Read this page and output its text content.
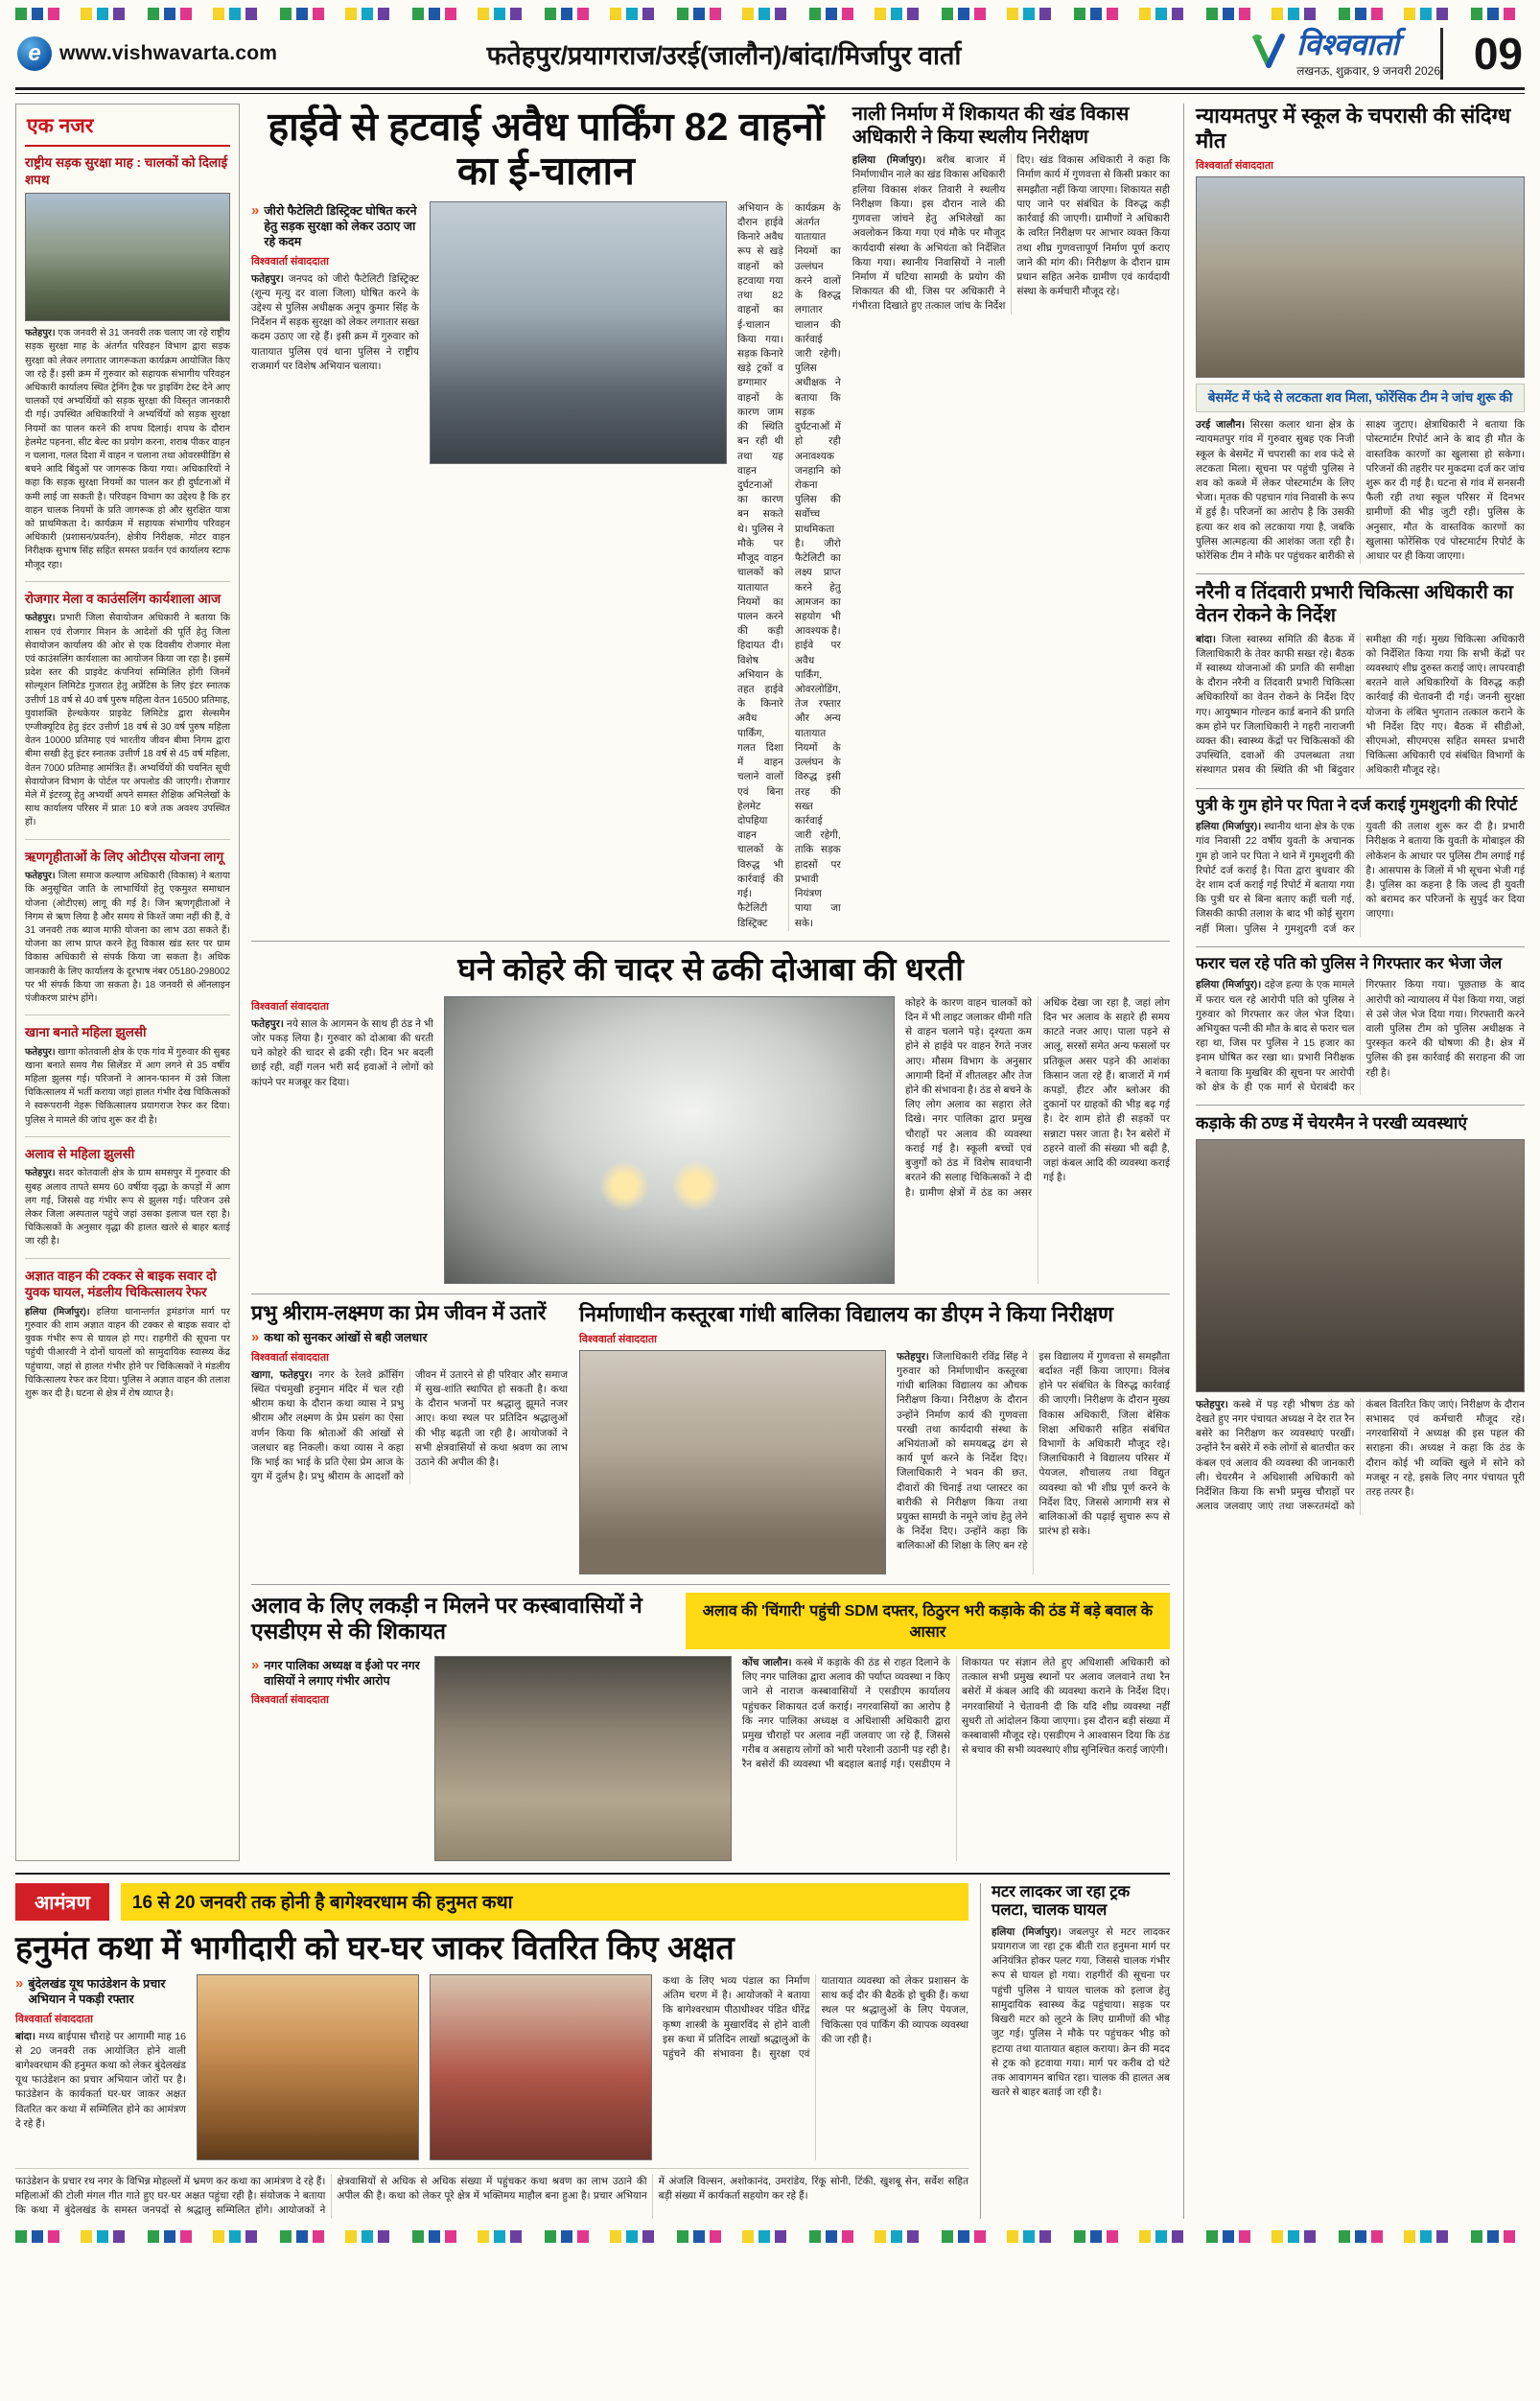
e www.vishwavarta.com	फतेहपुर/प्रयागराज/उरई(जालौन)/बांदा/मिर्जापुर वार्ता	विश्ववार्ता
लखनऊ, शुक्रवार, 9 जनवरी 2026 09
एक नजर
राष्ट्रीय सड़क सुरक्षा माह : चालकों को दिलाई शपथ
फतेहपुर। एक जनवरी से 31 जनवरी तक चलाए जा रहे राष्ट्रीय सड़क सुरक्षा माह के अंतर्गत परिवहन विभाग द्वारा सड़क सुरक्षा को लेकर लगातार जागरूकता कार्यक्रम आयोजित किए जा रहे हैं। इसी क्रम में गुरुवार को सहायक संभागीय परिवहन अधिकारी कार्यालय स्थित ट्रेनिंग ट्रैक पर ड्राइविंग टेस्ट देने आए चालकों एवं अभ्यर्थियों को सड़क सुरक्षा की विस्तृत जानकारी दी गई। उपस्थित अधिकारियों ने अभ्यर्थियों को सड़क सुरक्षा नियमों का पालन करने की शपथ दिलाई। शपथ के दौरान हेलमेट पहनना, सीट बेल्ट का प्रयोग करना, शराब पीकर वाहन न चलाना, गलत दिशा में वाहन न चलाना तथा ओवरस्पीडिंग से बचने आदि बिंदुओं पर जागरूक किया गया। अधिकारियों ने कहा कि सड़क सुरक्षा नियमों का पालन कर ही दुर्घटनाओं में कमी लाई जा सकती है। परिवहन विभाग का उद्देश्य है कि हर वाहन चालक नियमों के प्रति जागरूक हो और सुरक्षित यात्रा को प्राथमिकता दे। कार्यक्रम में सहायक संभागीय परिवहन अधिकारी (प्रशासन/प्रवर्तन), क्षेत्रीय निरीक्षक, मोटर वाहन निरीक्षक सुभाष सिंह सहित समस्त प्रवर्तन एवं कार्यालय स्टाफ मौजूद रहा।
रोजगार मेला व काउंसलिंग कार्यशाला आज
फतेहपुर। प्रभारी जिला सेवायोजन अधिकारी ने बताया कि शासन एवं रोजगार मिशन के आदेशों की पूर्ति हेतु जिला सेवायोजन कार्यालय की ओर से एक दिवसीय रोजगार मेला एवं काउंसलिंग कार्यशाला का आयोजन किया जा रहा है। इसमें प्रदेश स्तर की प्राइवेट कंपनियां सम्मिलित होंगी जिनमें सोल्यूशन लिमिटेड गुजरात हेतु अप्रेंटिस के लिए इंटर स्नातक उत्तीर्ण 18 वर्ष से 40 वर्ष पुरुष महिला वेतन 16500 प्रतिमाह, युवाशक्ति हेल्थकेयर प्राइवेट लिमिटेड द्वारा सेल्समैन एग्जीक्यूटिव हेतु इंटर उत्तीर्ण 18 वर्ष से 30 वर्ष पुरुष महिला वेतन 10000 प्रतिमाह एवं भारतीय जीवन बीमा निगम द्वारा बीमा सखी हेतु इंटर स्नातक उत्तीर्ण 18 वर्ष से 45 वर्ष महिला, वेतन 7000 प्रतिमाह आमंत्रित हैं। अभ्यर्थियों की चयनित सूची सेवायोजन विभाग के पोर्टल पर अपलोड की जाएगी। रोजगार मेले में इंटरव्यू हेतु अभ्यर्थी अपने समस्त शैक्षिक अभिलेखों के साथ कार्यालय परिसर में प्रातः 10 बजे तक अवश्य उपस्थित हों।
ऋणगृहीताओं के लिए ओटीएस योजना लागू
फतेहपुर। जिला समाज कल्याण अधिकारी (विकास) ने बताया कि अनुसूचित जाति के लाभार्थियों हेतु एकमुश्त समाधान योजना (ओटीएस) लागू की गई है। जिन ऋणगृहीताओं ने निगम से ऋण लिया है और समय से किश्तें जमा नहीं की हैं, वे 31 जनवरी तक ब्याज माफी योजना का लाभ उठा सकते हैं। योजना का लाभ प्राप्त करने हेतु विकास खंड स्तर पर ग्राम विकास अधिकारी से संपर्क किया जा सकता है। अधिक जानकारी के लिए कार्यालय के दूरभाष नंबर 05180-298002 पर भी संपर्क किया जा सकता है। 18 जनवरी से ऑनलाइन पंजीकरण प्रारंभ होंगे।
खाना बनाते महिला झुलसी
फतेहपुर। खागा कोतवाली क्षेत्र के एक गांव में गुरुवार की सुबह खाना बनाते समय गैस सिलेंडर में आग लगने से 35 वर्षीय महिला झुलस गई। परिजनों ने आनन-फानन में उसे जिला चिकित्सालय में भर्ती कराया जहां हालत गंभीर देख चिकित्सकों ने स्वरूपरानी नेहरू चिकित्सालय प्रयागराज रेफर कर दिया। पुलिस ने मामले की जांच शुरू कर दी है।
अलाव से महिला झुलसी
फतेहपुर। सदर कोतवाली क्षेत्र के ग्राम समसपुर में गुरुवार की सुबह अलाव तापते समय 60 वर्षीया वृद्धा के कपड़ों में आग लग गई, जिससे वह गंभीर रूप से झुलस गई। परिजन उसे लेकर जिला अस्पताल पहुंचे जहां उसका इलाज चल रहा है। चिकित्सकों के अनुसार वृद्धा की हालत खतरे से बाहर बताई जा रही है।
अज्ञात वाहन की टक्कर से बाइक सवार दो युवक घायल, मंडलीय चिकित्सालय रेफर
हलिया (मिर्जापुर)। हलिया थानान्तर्गत ड्रमंडगंज मार्ग पर गुरुवार की शाम अज्ञात वाहन की टक्कर से बाइक सवार दो युवक गंभीर रूप से घायल हो गए। राहगीरों की सूचना पर पहुंची पीआरवी ने दोनों घायलों को सामुदायिक स्वास्थ्य केंद्र पहुंचाया, जहां से हालत गंभीर होने पर चिकित्सकों ने मंडलीय चिकित्सालय रेफर कर दिया। पुलिस ने अज्ञात वाहन की तलाश शुरू कर दी है। घटना से क्षेत्र में रोष व्याप्त है।
हाईवे से हटवाई अवैध पार्किंग 82 वाहनों का ई-चालान
» जीरो फैटेलिटी डिस्ट्रिक्ट घोषित करने हेतु सड़क सुरक्षा को लेकर उठाए जा रहे कदम
विश्ववार्ता संवाददाता
फतेहपुर। जनपद को जीरो फैटेलिटी डिस्ट्रिक्ट (शून्य मृत्यु दर वाला जिला) घोषित करने के उद्देश्य से पुलिस अधीक्षक अनूप कुमार सिंह के निर्देशन में सड़क सुरक्षा को लेकर लगातार सख्त कदम उठाए जा रहे हैं। इसी क्रम में गुरुवार को यातायात पुलिस एवं थाना पुलिस ने राष्ट्रीय राजमार्ग पर विशेष अभियान चलाया।
अभियान के दौरान हाईवे किनारे अवैध रूप से खड़े वाहनों को हटवाया गया तथा 82 वाहनों का ई-चालान किया गया। सड़क किनारे खड़े ट्रकों व डग्गामार वाहनों के कारण जाम की स्थिति बन रही थी तथा यह वाहन दुर्घटनाओं का कारण बन सकते थे। पुलिस ने मौके पर मौजूद वाहन चालकों को यातायात नियमों का पालन करने की कड़ी हिदायत दी। विशेष अभियान के तहत हाईवे के किनारे अवैध पार्किंग, गलत दिशा में वाहन चलाने वालों एवं बिना हेलमेट दोपहिया वाहन चालकों के विरुद्ध भी कार्रवाई की गई। फैटेलिटी डिस्ट्रिक्ट कार्यक्रम के अंतर्गत यातायात नियमों का उल्लंघन करने वालों के विरुद्ध लगातार चालान की कार्रवाई जारी रहेगी। पुलिस अधीक्षक ने बताया कि सड़क दुर्घटनाओं में हो रही अनावश्यक जनहानि को रोकना पुलिस की सर्वोच्च प्राथमिकता है। जीरो फैटेलिटी का लक्ष्य प्राप्त करने हेतु आमजन का सहयोग भी आवश्यक है। हाईवे पर अवैध पार्किंग, ओवरलोडिंग, तेज रफ्तार और अन्य यातायात नियमों के उल्लंघन के विरुद्ध इसी तरह की सख्त कार्रवाई जारी रहेगी, ताकि सड़क हादसों पर प्रभावी नियंत्रण पाया जा सके।
नाली निर्माण में शिकायत की खंड विकास अधिकारी ने किया स्थलीय निरीक्षण
हलिया (मिर्जापुर)। बरीब बाजार में निर्माणाधीन नाले का खंड विकास अधिकारी हलिया विकास शंकर तिवारी ने स्थलीय निरीक्षण किया। इस दौरान नाले की गुणवत्ता जांचने हेतु अभिलेखों का अवलोकन किया गया एवं मौके पर मौजूद कार्यदायी संस्था के अभियंता को निर्देशित किया गया। स्थानीय निवासियों ने नाली निर्माण में घटिया सामग्री के प्रयोग की शिकायत की थी, जिस पर अधिकारी ने गंभीरता दिखाते हुए तत्काल जांच के निर्देश दिए। खंड विकास अधिकारी ने कहा कि निर्माण कार्य में गुणवत्ता से किसी प्रकार का समझौता नहीं किया जाएगा। शिकायत सही पाए जाने पर संबंधित के विरुद्ध कड़ी कार्रवाई की जाएगी। ग्रामीणों ने अधिकारी के त्वरित निरीक्षण पर आभार व्यक्त किया तथा शीघ्र गुणवत्तापूर्ण निर्माण पूर्ण कराए जाने की मांग की। निरीक्षण के दौरान ग्राम प्रधान सहित अनेक ग्रामीण एवं कार्यदायी संस्था के कर्मचारी मौजूद रहे।
घने कोहरे की चादर से ढकी दोआबा की धरती
विश्ववार्ता संवाददाता
फतेहपुर। नये साल के आगमन के साथ ही ठंड ने भी जोर पकड़ लिया है। गुरुवार को दोआबा की धरती घने कोहरे की चादर से ढकी रही। दिन भर बदली छाई रही, वहीं गलन भरी सर्द हवाओं ने लोगों को कांपने पर मजबूर कर दिया।
कोहरे के कारण वाहन चालकों को दिन में भी लाइट जलाकर धीमी गति से वाहन चलाने पड़े। दृश्यता कम होने से हाईवे पर वाहन रेंगते नजर आए। मौसम विभाग के अनुसार आगामी दिनों में शीतलहर और तेज होने की संभावना है। ठंड से बचने के लिए लोग अलाव का सहारा लेते दिखे। नगर पालिका द्वारा प्रमुख चौराहों पर अलाव की व्यवस्था कराई गई है। स्कूली बच्चों एवं बुजुर्गों को ठंड में विशेष सावधानी बरतने की सलाह चिकित्सकों ने दी है। ग्रामीण क्षेत्रों में ठंड का असर अधिक देखा जा रहा है, जहां लोग दिन भर अलाव के सहारे ही समय काटते नजर आए। पाला पड़ने से आलू, सरसों समेत अन्य फसलों पर प्रतिकूल असर पड़ने की आशंका किसान जता रहे हैं। बाजारों में गर्म कपड़ों, हीटर और ब्लोअर की दुकानों पर ग्राहकों की भीड़ बढ़ गई है। देर शाम होते ही सड़कों पर सन्नाटा पसर जाता है। रैन बसेरों में ठहरने वालों की संख्या भी बढ़ी है, जहां कंबल आदि की व्यवस्था कराई गई है।
प्रभु श्रीराम-लक्ष्मण का प्रेम जीवन में उतारें
» कथा को सुनकर आंखों से बही जलधार
विश्ववार्ता संवाददाता
खागा, फतेहपुर। नगर के रेलवे क्रॉसिंग स्थित पंचमुखी हनुमान मंदिर में चल रही श्रीराम कथा के दौरान कथा व्यास ने प्रभु श्रीराम और लक्ष्मण के प्रेम प्रसंग का ऐसा वर्णन किया कि श्रोताओं की आंखों से जलधार बह निकली। कथा व्यास ने कहा कि भाई का भाई के प्रति ऐसा प्रेम आज के युग में दुर्लभ है। प्रभु श्रीराम के आदर्शों को जीवन में उतारने से ही परिवार और समाज में सुख-शांति स्थापित हो सकती है। कथा के दौरान भजनों पर श्रद्धालु झूमते नजर आए। कथा स्थल पर प्रतिदिन श्रद्धालुओं की भीड़ बढ़ती जा रही है। आयोजकों ने सभी क्षेत्रवासियों से कथा श्रवण का लाभ उठाने की अपील की है।
निर्माणाधीन कस्तूरबा गांधी बालिका विद्यालय का डीएम ने किया निरीक्षण
विश्ववार्ता संवाददाता
फतेहपुर। जिलाधिकारी रविंद्र सिंह ने गुरुवार को निर्माणाधीन कस्तूरबा गांधी बालिका विद्यालय का औचक निरीक्षण किया। निरीक्षण के दौरान उन्होंने निर्माण कार्य की गुणवत्ता परखी तथा कार्यदायी संस्था के अभियंताओं को समयबद्ध ढंग से कार्य पूर्ण करने के निर्देश दिए। जिलाधिकारी ने भवन की छत, दीवारों की चिनाई तथा प्लास्टर का बारीकी से निरीक्षण किया तथा प्रयुक्त सामग्री के नमूने जांच हेतु लेने के निर्देश दिए। उन्होंने कहा कि बालिकाओं की शिक्षा के लिए बन रहे इस विद्यालय में गुणवत्ता से समझौता बर्दाश्त नहीं किया जाएगा। विलंब होने पर संबंधित के विरुद्ध कार्रवाई की जाएगी। निरीक्षण के दौरान मुख्य विकास अधिकारी, जिला बेसिक शिक्षा अधिकारी सहित संबंधित विभागों के अधिकारी मौजूद रहे। जिलाधिकारी ने विद्यालय परिसर में पेयजल, शौचालय तथा विद्युत व्यवस्था को भी शीघ्र पूर्ण करने के निर्देश दिए, जिससे आगामी सत्र से बालिकाओं की पढ़ाई सुचारु रूप से प्रारंभ हो सके।
अलाव के लिए लकड़ी न मिलने पर कस्बावासियों ने एसडीएम से की शिकायत
अलाव की 'चिंगारी' पहुंची SDM दफ्तर, ठिठुरन भरी कड़ाके की ठंड में बड़े बवाल के आसार
» नगर पालिका अध्यक्ष व ईओ पर नगर वासियों ने लगाए गंभीर आरोप
विश्ववार्ता संवाददाता
कोंच जालौन। कस्बे में कड़ाके की ठंड से राहत दिलाने के लिए नगर पालिका द्वारा अलाव की पर्याप्त व्यवस्था न किए जाने से नाराज कस्बावासियों ने एसडीएम कार्यालय पहुंचकर शिकायत दर्ज कराई। नगरवासियों का आरोप है कि नगर पालिका अध्यक्ष व अधिशासी अधिकारी द्वारा प्रमुख चौराहों पर अलाव नहीं जलवाए जा रहे हैं, जिससे गरीब व असहाय लोगों को भारी परेशानी उठानी पड़ रही है। रैन बसेरों की व्यवस्था भी बदहाल बताई गई। एसडीएम ने शिकायत पर संज्ञान लेते हुए अधिशासी अधिकारी को तत्काल सभी प्रमुख स्थानों पर अलाव जलवाने तथा रैन बसेरों में कंबल आदि की व्यवस्था कराने के निर्देश दिए। नगरवासियों ने चेतावनी दी कि यदि शीघ्र व्यवस्था नहीं सुधरी तो आंदोलन किया जाएगा। इस दौरान बड़ी संख्या में कस्बावासी मौजूद रहे। एसडीएम ने आश्वासन दिया कि ठंड से बचाव की सभी व्यवस्थाएं शीघ्र सुनिश्चित कराई जाएंगी।
आमंत्रण	16 से 20 जनवरी तक होनी है बागेश्वरधाम की हनुमत कथा
हनुमंत कथा में भागीदारी को घर-घर जाकर वितरित किए अक्षत
» बुंदेलखंड यूथ फाउंडेशन के प्रचार अभियान ने पकड़ी रफ्तार
विश्ववार्ता संवाददाता
बांदा। मध्य बाईपास चौराहे पर आगामी माह 16 से 20 जनवरी तक आयोजित होने वाली बागेश्वरधाम की हनुमत कथा को लेकर बुंदेलखंड यूथ फाउंडेशन का प्रचार अभियान जोरों पर है। फाउंडेशन के कार्यकर्ता घर-घर जाकर अक्षत वितरित कर कथा में सम्मिलित होने का आमंत्रण दे रहे हैं।
कथा के लिए भव्य पंडाल का निर्माण अंतिम चरण में है। आयोजकों ने बताया कि बागेश्वरधाम पीठाधीश्वर पंडित धीरेंद्र कृष्ण शास्त्री के मुखारविंद से होने वाली इस कथा में प्रतिदिन लाखों श्रद्धालुओं के पहुंचने की संभावना है। सुरक्षा एवं यातायात व्यवस्था को लेकर प्रशासन के साथ कई दौर की बैठकें हो चुकी हैं। कथा स्थल पर श्रद्धालुओं के लिए पेयजल, चिकित्सा एवं पार्किंग की व्यापक व्यवस्था की जा रही है।
फाउंडेशन के प्रचार रथ नगर के विभिन्न मोहल्लों में भ्रमण कर कथा का आमंत्रण दे रहे हैं। महिलाओं की टोली मंगल गीत गाते हुए घर-घर अक्षत पहुंचा रही है। संयोजक ने बताया कि कथा में बुंदेलखंड के समस्त जनपदों से श्रद्धालु सम्मिलित होंगे। आयोजकों ने क्षेत्रवासियों से अधिक से अधिक संख्या में पहुंचकर कथा श्रवण का लाभ उठाने की अपील की है। कथा को लेकर पूरे क्षेत्र में भक्तिमय माहौल बना हुआ है। प्रचार अभियान में अंजलि विल्सन, अशोकानंद, उमरांडेय, रिंकू सोनी, टिंकी, खुशबू सेन, सर्वेश सहित बड़ी संख्या में कार्यकर्ता सहयोग कर रहे हैं।
मटर लादकर जा रहा ट्रक पलटा, चालक घायल
हलिया (मिर्जापुर)। जबलपुर से मटर लादकर प्रयागराज जा रहा ट्रक बीती रात हनुमना मार्ग पर अनियंत्रित होकर पलट गया, जिससे चालक गंभीर रूप से घायल हो गया। राहगीरों की सूचना पर पहुंची पुलिस ने घायल चालक को इलाज हेतु सामुदायिक स्वास्थ्य केंद्र पहुंचाया। सड़क पर बिखरी मटर को लूटने के लिए ग्रामीणों की भीड़ जुट गई। पुलिस ने मौके पर पहुंचकर भीड़ को हटाया तथा यातायात बहाल कराया। क्रेन की मदद से ट्रक को हटवाया गया। मार्ग पर करीब दो घंटे तक आवागमन बाधित रहा। चालक की हालत अब खतरे से बाहर बताई जा रही है।
न्यायमतपुर में स्कूल के चपरासी की संदिग्ध मौत
विश्ववार्ता संवाददाता
बेसमेंट में फंदे से लटकता शव मिला, फोरेंसिक टीम ने जांच शुरू की
उरई जालौन। सिरसा कलार थाना क्षेत्र के न्यायमतपुर गांव में गुरुवार सुबह एक निजी स्कूल के बेसमेंट में चपरासी का शव फंदे से लटकता मिला। सूचना पर पहुंची पुलिस ने शव को कब्जे में लेकर पोस्टमार्टम के लिए भेजा। मृतक की पहचान गांव निवासी के रूप में हुई है। परिजनों का आरोप है कि उसकी हत्या कर शव को लटकाया गया है, जबकि पुलिस आत्महत्या की आशंका जता रही है। फोरेंसिक टीम ने मौके पर पहुंचकर बारीकी से साक्ष्य जुटाए। क्षेत्राधिकारी ने बताया कि पोस्टमार्टम रिपोर्ट आने के बाद ही मौत के वास्तविक कारणों का खुलासा हो सकेगा। परिजनों की तहरीर पर मुकदमा दर्ज कर जांच शुरू कर दी गई है। घटना से गांव में सनसनी फैली रही तथा स्कूल परिसर में दिनभर ग्रामीणों की भीड़ जुटी रही। पुलिस के अनुसार, मौत के वास्तविक कारणों का खुलासा फोरेंसिक एवं पोस्टमार्टम रिपोर्ट के आधार पर ही किया जाएगा।
नरैनी व तिंदवारी प्रभारी चिकित्सा अधिकारी का वेतन रोकने के निर्देश
बांदा। जिला स्वास्थ्य समिति की बैठक में जिलाधिकारी के तेवर काफी सख्त रहे। बैठक में स्वास्थ्य योजनाओं की प्रगति की समीक्षा के दौरान नरैनी व तिंदवारी प्रभारी चिकित्सा अधिकारियों का वेतन रोकने के निर्देश दिए गए। आयुष्मान गोल्डन कार्ड बनाने की प्रगति कम होने पर जिलाधिकारी ने गहरी नाराजगी व्यक्त की। स्वास्थ्य केंद्रों पर चिकित्सकों की उपस्थिति, दवाओं की उपलब्धता तथा संस्थागत प्रसव की स्थिति की भी बिंदुवार समीक्षा की गई। मुख्य चिकित्सा अधिकारी को निर्देशित किया गया कि सभी केंद्रों पर व्यवस्थाएं शीघ्र दुरुस्त कराई जाएं। लापरवाही बरतने वाले अधिकारियों के विरुद्ध कड़ी कार्रवाई की चेतावनी दी गई। जननी सुरक्षा योजना के लंबित भुगतान तत्काल कराने के भी निर्देश दिए गए। बैठक में सीडीओ, सीएमओ, सीएमएस सहित समस्त प्रभारी चिकित्सा अधिकारी एवं संबंधित विभागों के अधिकारी मौजूद रहे।
पुत्री के गुम होने पर पिता ने दर्ज कराई गुमशुदगी की रिपोर्ट
हलिया (मिर्जापुर)। स्थानीय थाना क्षेत्र के एक गांव निवासी 22 वर्षीय युवती के अचानक गुम हो जाने पर पिता ने थाने में गुमशुदगी की रिपोर्ट दर्ज कराई है। पिता द्वारा बुधवार की देर शाम दर्ज कराई गई रिपोर्ट में बताया गया कि पुत्री घर से बिना बताए कहीं चली गई, जिसकी काफी तलाश के बाद भी कोई सुराग नहीं मिला। पुलिस ने गुमशुदगी दर्ज कर युवती की तलाश शुरू कर दी है। प्रभारी निरीक्षक ने बताया कि युवती के मोबाइल की लोकेशन के आधार पर पुलिस टीम लगाई गई है। आसपास के जिलों में भी सूचना भेजी गई है। पुलिस का कहना है कि जल्द ही युवती को बरामद कर परिजनों के सुपुर्द कर दिया जाएगा।
फरार चल रहे पति को पुलिस ने गिरफ्तार कर भेजा जेल
हलिया (मिर्जापुर)। दहेज हत्या के एक मामले में फरार चल रहे आरोपी पति को पुलिस ने गुरुवार को गिरफ्तार कर जेल भेज दिया। अभियुक्त पत्नी की मौत के बाद से फरार चल रहा था, जिस पर पुलिस ने 15 हजार का इनाम घोषित कर रखा था। प्रभारी निरीक्षक ने बताया कि मुखबिर की सूचना पर आरोपी को क्षेत्र के ही एक मार्ग से घेराबंदी कर गिरफ्तार किया गया। पूछताछ के बाद आरोपी को न्यायालय में पेश किया गया, जहां से उसे जेल भेज दिया गया। गिरफ्तारी करने वाली पुलिस टीम को पुलिस अधीक्षक ने पुरस्कृत करने की घोषणा की है। क्षेत्र में पुलिस की इस कार्रवाई की सराहना की जा रही है।
कड़ाके की ठण्ड में चेयरमैन ने परखी व्यवस्थाएं
फतेहपुर। कस्बे में पड़ रही भीषण ठंड को देखते हुए नगर पंचायत अध्यक्ष ने देर रात रैन बसेरे का निरीक्षण कर व्यवस्थाएं परखीं। उन्होंने रैन बसेरे में रुके लोगों से बातचीत कर कंबल एवं अलाव की व्यवस्था की जानकारी ली। चेयरमैन ने अधिशासी अधिकारी को निर्देशित किया कि सभी प्रमुख चौराहों पर अलाव जलवाए जाएं तथा जरूरतमंदों को कंबल वितरित किए जाएं। निरीक्षण के दौरान सभासद एवं कर्मचारी मौजूद रहे। नगरवासियों ने अध्यक्ष की इस पहल की सराहना की। अध्यक्ष ने कहा कि ठंड के दौरान कोई भी व्यक्ति खुले में सोने को मजबूर न रहे, इसके लिए नगर पंचायत पूरी तरह तत्पर है।
